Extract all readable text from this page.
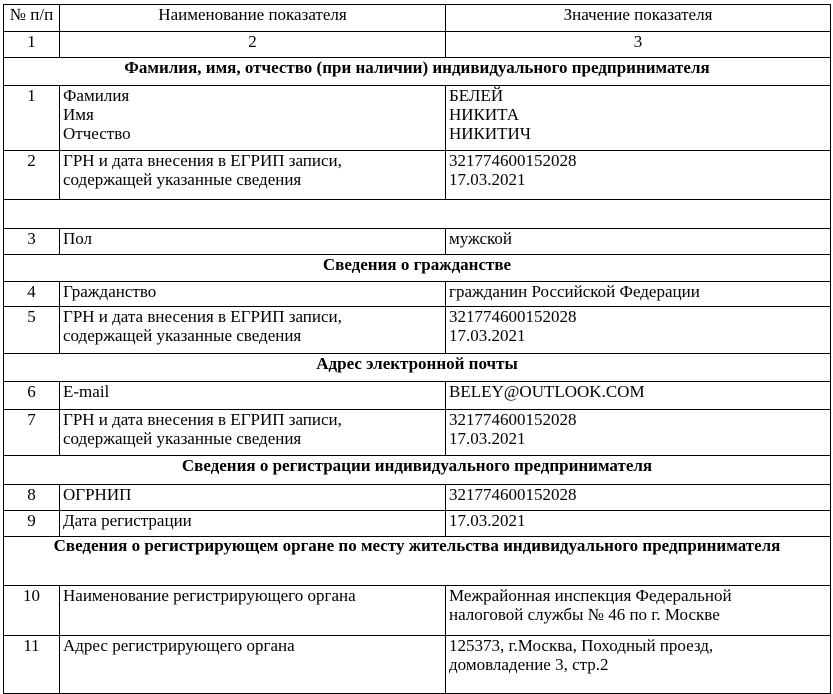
№ п/п	Наименование показателя	Значение показателя
1	2	3
Фамилия, имя, отчество (при наличии) индивидуального предпринимателя		
1	Фамилия
Имя
Отчество	БЕЛЕЙ
НИКИТА
НИКИТИЧ

2	ГРН и дата внесения в ЕГРИП записи,
содержащей указанные сведения	321774600152028
17.03.2021

3	Пол	мужской
Сведения о гражданстве		
4	Гражданство	гражданин Российской Федерации
5	ГРН и дата внесения в ЕГРИП записи,
содержащей указанные сведения	321774600152028
17.03.2021

Адрес электронной почты		
6	E-mail	BELEY@OUTLOOK.COM
7	ГРН и дата внесения в ЕГРИП записи,
содержащей указанные сведения	321774600152028
17.03.2021

Сведения о регистрации индивидуального предпринимателя		
8	ОГРНИП	321774600152028
9	Дата регистрации	17.03.2021
Сведения о регистрирующем органе по месту жительства индивидуального предпринимателя		
10	Наименование регистрирующего органа	Межрайонная инспекция Федеральной
налоговой службы № 46 по г. Москве

11	Адрес регистрирующего органа	125373, г.Москва, Походный проезд,
домовладение 3, стр.2
